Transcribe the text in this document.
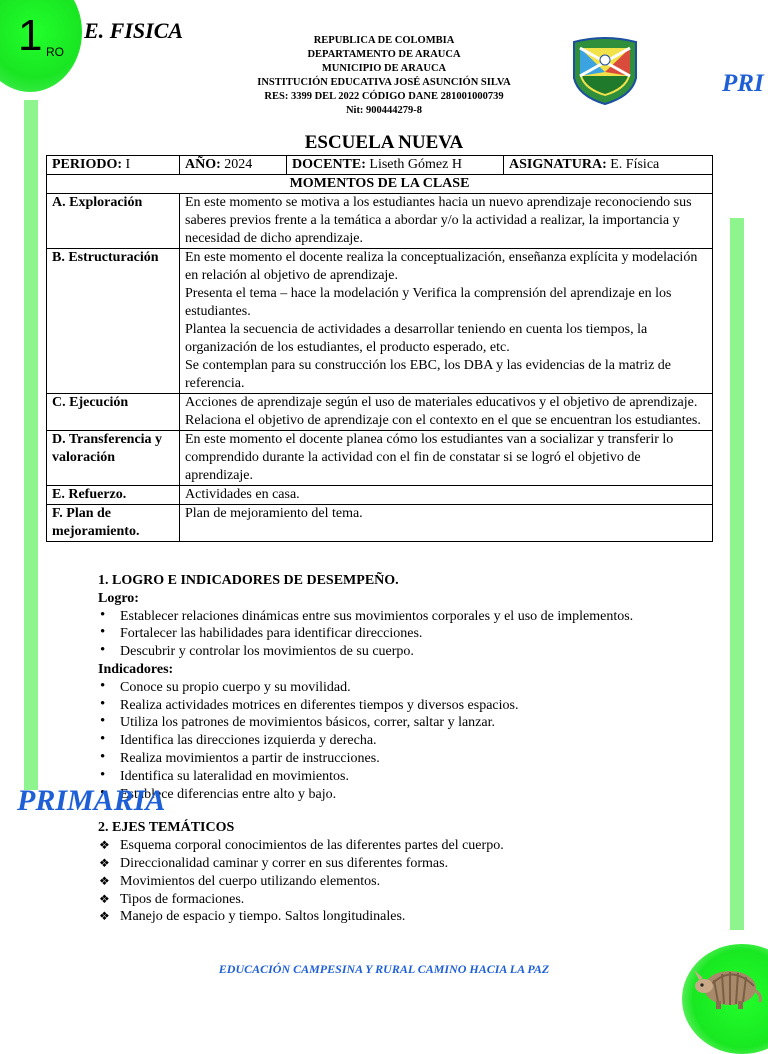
1 RO
E. FISICA
PRI
REPUBLICA DE COLOMBIA
DEPARTAMENTO DE ARAUCA
MUNICIPIO DE ARAUCA
INSTITUCIÓN EDUCATIVA JOSÉ ASUNCIÓN SILVA
RES: 3399 DEL 2022 CÓDIGO DANE 281001000739
Nit: 900444279-8
ESCUELA NUEVA
PERIODO: I	AÑO: 2024	DOCENTE: Liseth Gómez H	ASIGNATURA: E. Física
MOMENTOS DE LA CLASE			
A. Exploración	En este momento se motiva a los estudiantes hacia un nuevo aprendizaje reconociendo sus saberes previos frente a la temática a abordar y/o la actividad a realizar, la importancia y necesidad de dicho aprendizaje.		

B. Estructuración	En este momento el docente realiza la conceptualización, enseñanza explícita y modelación en relación al objetivo de aprendizaje.
Presenta el tema – hace la modelación y Verifica la comprensión del aprendizaje en los estudiantes.
Plantea la secuencia de actividades a desarrollar teniendo en cuenta los tiempos, la organización de los estudiantes, el producto esperado, etc.
Se contemplan para su construcción los EBC, los DBA y las evidencias de la matriz de referencia.		

C. Ejecución	Acciones de aprendizaje según el uso de materiales educativos y el objetivo de aprendizaje. Relaciona el objetivo de aprendizaje con el contexto en el que se encuentran los estudiantes.		

D. Transferencia y valoración	En este momento el docente planea cómo los estudiantes van a socializar y transferir lo comprendido durante la actividad con el fin de constatar si se logró el objetivo de aprendizaje.		

E. Refuerzo.	Actividades en casa.		

F. Plan de mejoramiento.	Plan de mejoramiento del tema.		
1. LOGRO E INDICADORES DE DESEMPEÑO.
Logro:
• Establecer relaciones dinámicas entre sus movimientos corporales y el uso de implementos.
• Fortalecer las habilidades para identificar direcciones.
• Descubrir y controlar los movimientos de su cuerpo.
Indicadores:
• Conoce su propio cuerpo y su movilidad.
• Realiza actividades motrices en diferentes tiempos y diversos espacios.
• Utiliza los patrones de movimientos básicos, correr, saltar y lanzar.
• Identifica las direcciones izquierda y derecha.
• Realiza movimientos a partir de instrucciones.
• Identifica su lateralidad en movimientos.
• Establece diferencias entre alto y bajo.
2. EJES TEMÁTICOS
❖ Esquema corporal conocimientos de las diferentes partes del cuerpo.
❖ Direccionalidad caminar y correr en sus diferentes formas.
❖ Movimientos del cuerpo utilizando elementos.
❖ Tipos de formaciones.
❖ Manejo de espacio y tiempo. Saltos longitudinales.
PRIMARIA
EDUCACIÓN CAMPESINA Y RURAL CAMINO HACIA LA PAZ
